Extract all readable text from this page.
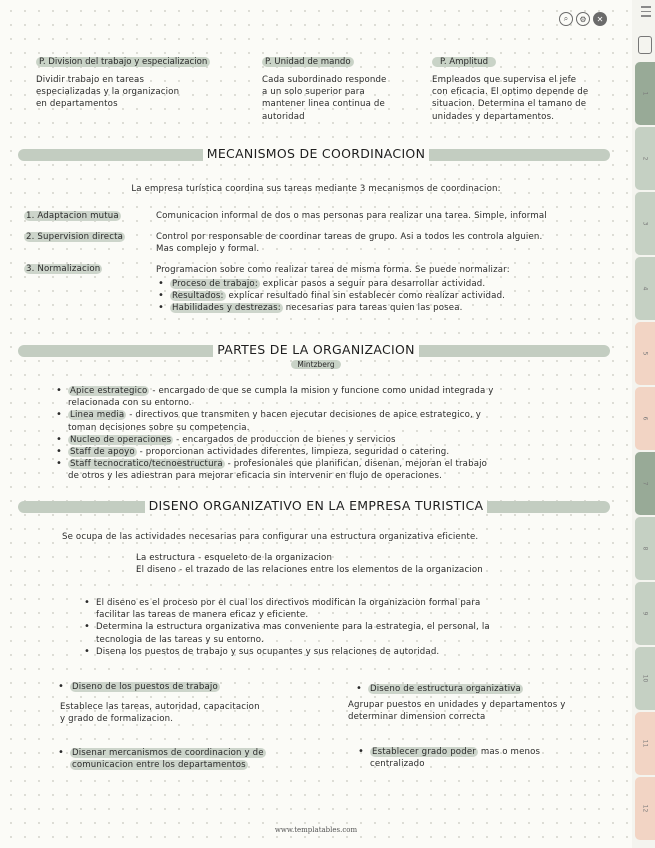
⌕	⚙	✕
P. Division del trabajo y especializacion
Dividir trabajo en tareas
especializadas y la organizacion
en departamentos
P. Unidad de mando
Cada subordinado responde
a un solo superior para
mantener linea continua de
autoridad
P. Amplitud
Empleados que supervisa el jefe
con eficacia. El optimo depende de
situacion. Determina el tamano de
unidades y departamentos.
MECANISMOS DE COORDINACION
La empresa turística coordina sus tareas mediante 3 mecanismos de coordinacion:
1. Adaptacion mutua	Comunicacion informal de dos o mas personas para realizar una tarea. Simple, informal
2. Supervision directa	Control por responsable de coordinar tareas de grupo. Asi a todos les controla alguien.
Mas complejo y formal.
3. Normalizacion	Programacion sobre como realizar tarea de misma forma. Se puede normalizar:
• Proceso de trabajo: explicar pasos a seguir para desarrollar actividad.
• Resultados: explicar resultado final sin establecer como realizar actividad.
• Habilidades y destrezas: necesarias para tareas quien las posea.
PARTES DE LA ORGANIZACION
Mintzberg
• Apice estrategico - encargado de que se cumpla la mision y funcione como unidad integrada y
relacionada con su entorno.
• Linea media - directivos que transmiten y hacen ejecutar decisiones de apice estrategico, y
toman decisiones sobre su competencia.
• Nucleo de operaciones - encargados de produccion de bienes y servicios
• Staff de apoyo - proporcionan actividades diferentes, limpieza, seguridad o catering.
• Staff tecnocratico/tecnoestructura - profesionales que planifican, disenan, mejoran el trabajo
de otros y les adiestran para mejorar eficacia sin intervenir en flujo de operaciones.
DISENO ORGANIZATIVO EN LA EMPRESA TURISTICA
Se ocupa de las actividades necesarias para configurar una estructura organizativa eficiente.
La estructura - esqueleto de la organizacion
El diseno - el trazado de las relaciones entre los elementos de la organizacion
• El diseno es el proceso por el cual los directivos modifican la organizacion formal para
facilitar las tareas de manera eficaz y eficiente.
• Determina la estructura organizativa mas conveniente para la estrategia, el personal, la
tecnologia de las tareas y su entorno.
• Disena los puestos de trabajo y sus ocupantes y sus relaciones de autoridad.
• Diseno de los puestos de trabajo
Establece las tareas, autoridad, capacitacion
y grado de formalizacion.
• Diseno de estructura organizativa
Agrupar puestos en unidades y departamentos y
determinar dimension correcta
• Disenar mercanismos de coordinacion y de
comunicacion entre los departamentos
• Establecer grado poder mas o menos
centralizado
www.templatables.com
1
2
3
4
5
6
7
8
9
10
11
12
